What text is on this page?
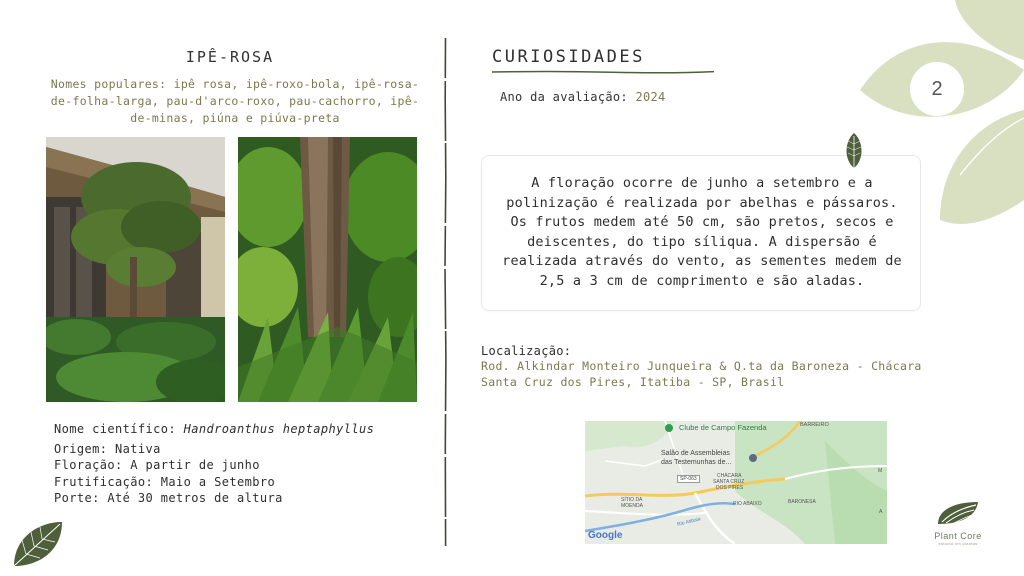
IPÊ-ROSA
Nomes populares: ipê rosa, ipê-roxo-bola, ipê-rosa-de-folha-larga, pau-d'arco-roxo, pau-cachorro, ipê-de-minas, piúna e piúva-preta
Nome científico: Handroanthus heptaphyllus
Origem: Nativa
Floração: A partir de junho
Frutificação: Maio a Setembro
Porte: Até 30 metros de altura
CURIOSIDADES
Ano da avaliação: 2024
A floração ocorre de junho a setembro e a polinização é realizada por abelhas e pássaros. Os frutos medem até 50 cm, são pretos, secos e deiscentes, do tipo síliqua. A dispersão é realizada através do vento, as sementes medem de 2,5 a 3 cm de comprimento e são aladas.
Localização:
Rod. Alkindar Monteiro Junqueira & Q.ta da Baroneza - Chácara Santa Cruz dos Pires, Itatiba - SP, Brasil
Clube de Campo Fazenda	BARREIRO
Salão de Assembleias
das Testemunhas de...
SP-063	CHÁCARA
SANTA CRUZ
DOS PIRES
SÍTIO DA
MOENDA	RIO ABAIXO	BARONESA
Rio Atibaia
M
A
Google
2
Plant Core
estúdio em plantas
